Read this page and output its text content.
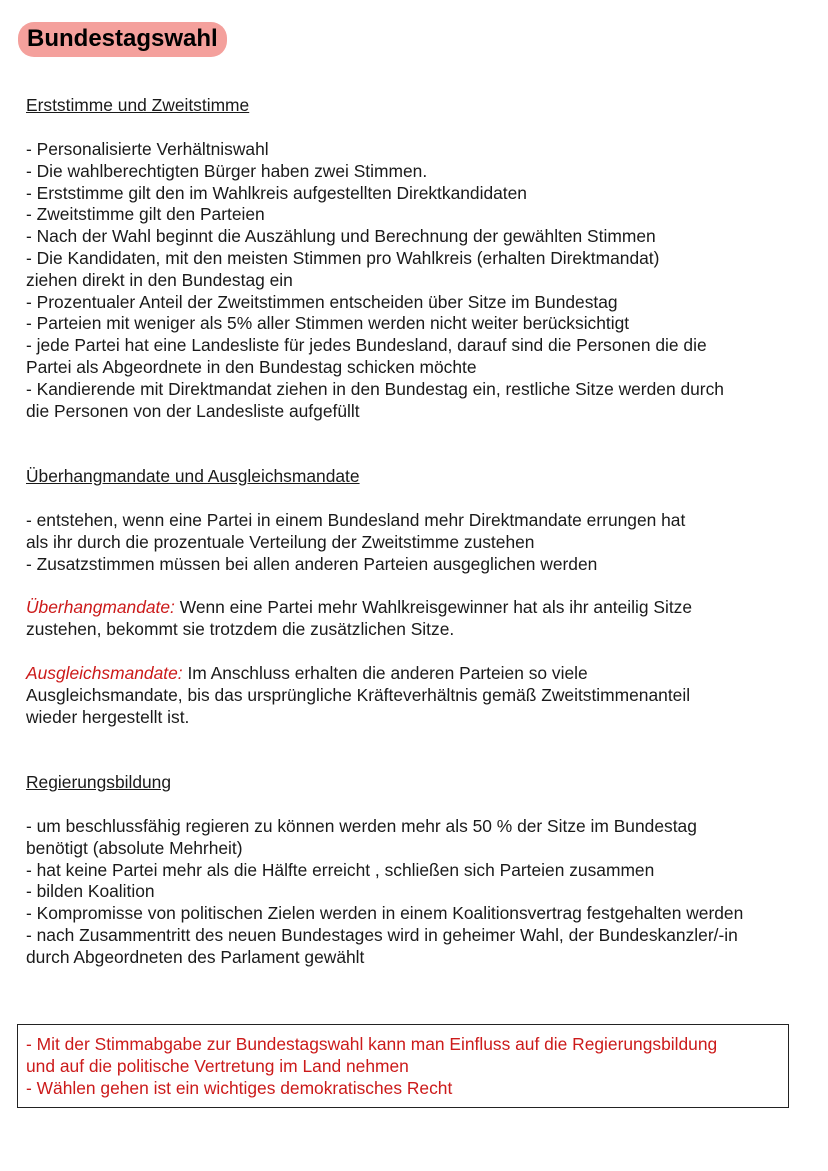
Bundestagswahl
Erststimme und Zweitstimme
- Personalisierte Verhältniswahl
- Die wahlberechtigten Bürger haben zwei Stimmen.
- Erststimme gilt den im Wahlkreis aufgestellten Direktkandidaten
- Zweitstimme gilt den Parteien
- Nach der Wahl beginnt die Auszählung und Berechnung der gewählten Stimmen
- Die Kandidaten, mit den meisten Stimmen pro Wahlkreis (erhalten Direktmandat)
ziehen direkt in den Bundestag ein
- Prozentualer Anteil der Zweitstimmen entscheiden über Sitze im Bundestag
- Parteien mit weniger als 5% aller Stimmen werden nicht weiter berücksichtigt
- jede Partei hat eine Landesliste für jedes Bundesland, darauf sind die Personen die die
Partei als Abgeordnete in den Bundestag schicken möchte
- Kandierende mit Direktmandat ziehen in den Bundestag ein, restliche Sitze werden durch
die Personen von der Landesliste aufgefüllt
Überhangmandate und Ausgleichsmandate
- entstehen, wenn eine Partei in einem Bundesland mehr Direktmandate errungen hat
als ihr durch die prozentuale Verteilung der Zweitstimme zustehen
- Zusatzstimmen müssen bei allen anderen Parteien ausgeglichen werden
Überhangmandate: Wenn eine Partei mehr Wahlkreisgewinner hat als ihr anteilig Sitze
zustehen, bekommt sie trotzdem die zusätzlichen Sitze.
Ausgleichsmandate: Im Anschluss erhalten die anderen Parteien so viele
Ausgleichsmandate, bis das ursprüngliche Kräfteverhältnis gemäß Zweitstimmenanteil
wieder hergestellt ist.
Regierungsbildung
- um beschlussfähig regieren zu können werden mehr als 50 % der Sitze im Bundestag
benötigt (absolute Mehrheit)
- hat keine Partei mehr als die Hälfte erreicht , schließen sich Parteien zusammen
- bilden Koalition
- Kompromisse von politischen Zielen werden in einem Koalitionsvertrag festgehalten werden
- nach Zusammentritt des neuen Bundestages wird in geheimer Wahl, der Bundeskanzler/-in
durch Abgeordneten des Parlament gewählt
- Mit der Stimmabgabe zur Bundestagswahl kann man Einfluss auf die Regierungsbildung
und auf die politische Vertretung im Land nehmen
- Wählen gehen ist ein wichtiges demokratisches Recht
